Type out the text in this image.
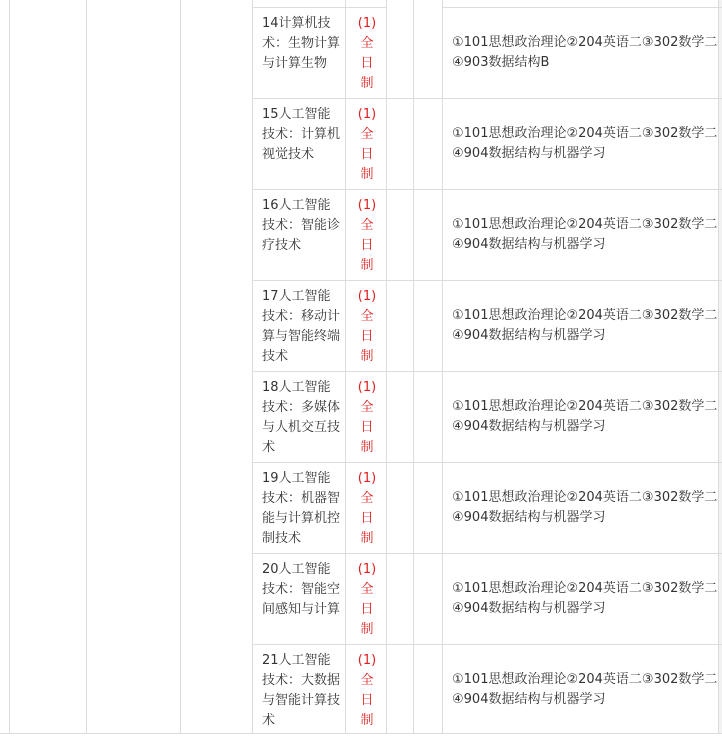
14计算机技术：生物计算与计算生物
(1)
全
日
制
①101思想政治理论②204英语二③302数学二④903数据结构B
15人工智能技术：计算机视觉技术
(1)
全
日
制
①101思想政治理论②204英语二③302数学二④904数据结构与机器学习
16人工智能技术：智能诊疗技术
(1)
全
日
制
①101思想政治理论②204英语二③302数学二④904数据结构与机器学习
17人工智能技术：移动计算与智能终端技术
(1)
全
日
制
①101思想政治理论②204英语二③302数学二④904数据结构与机器学习
18人工智能技术：多媒体与人机交互技术
(1)
全
日
制
①101思想政治理论②204英语二③302数学二④904数据结构与机器学习
19人工智能技术：机器智能与计算机控制技术
(1)
全
日
制
①101思想政治理论②204英语二③302数学二④904数据结构与机器学习
20人工智能技术：智能空间感知与计算
(1)
全
日
制
①101思想政治理论②204英语二③302数学二④904数据结构与机器学习
21人工智能技术：大数据与智能计算技术
(1)
全
日
制
①101思想政治理论②204英语二③302数学二④904数据结构与机器学习
